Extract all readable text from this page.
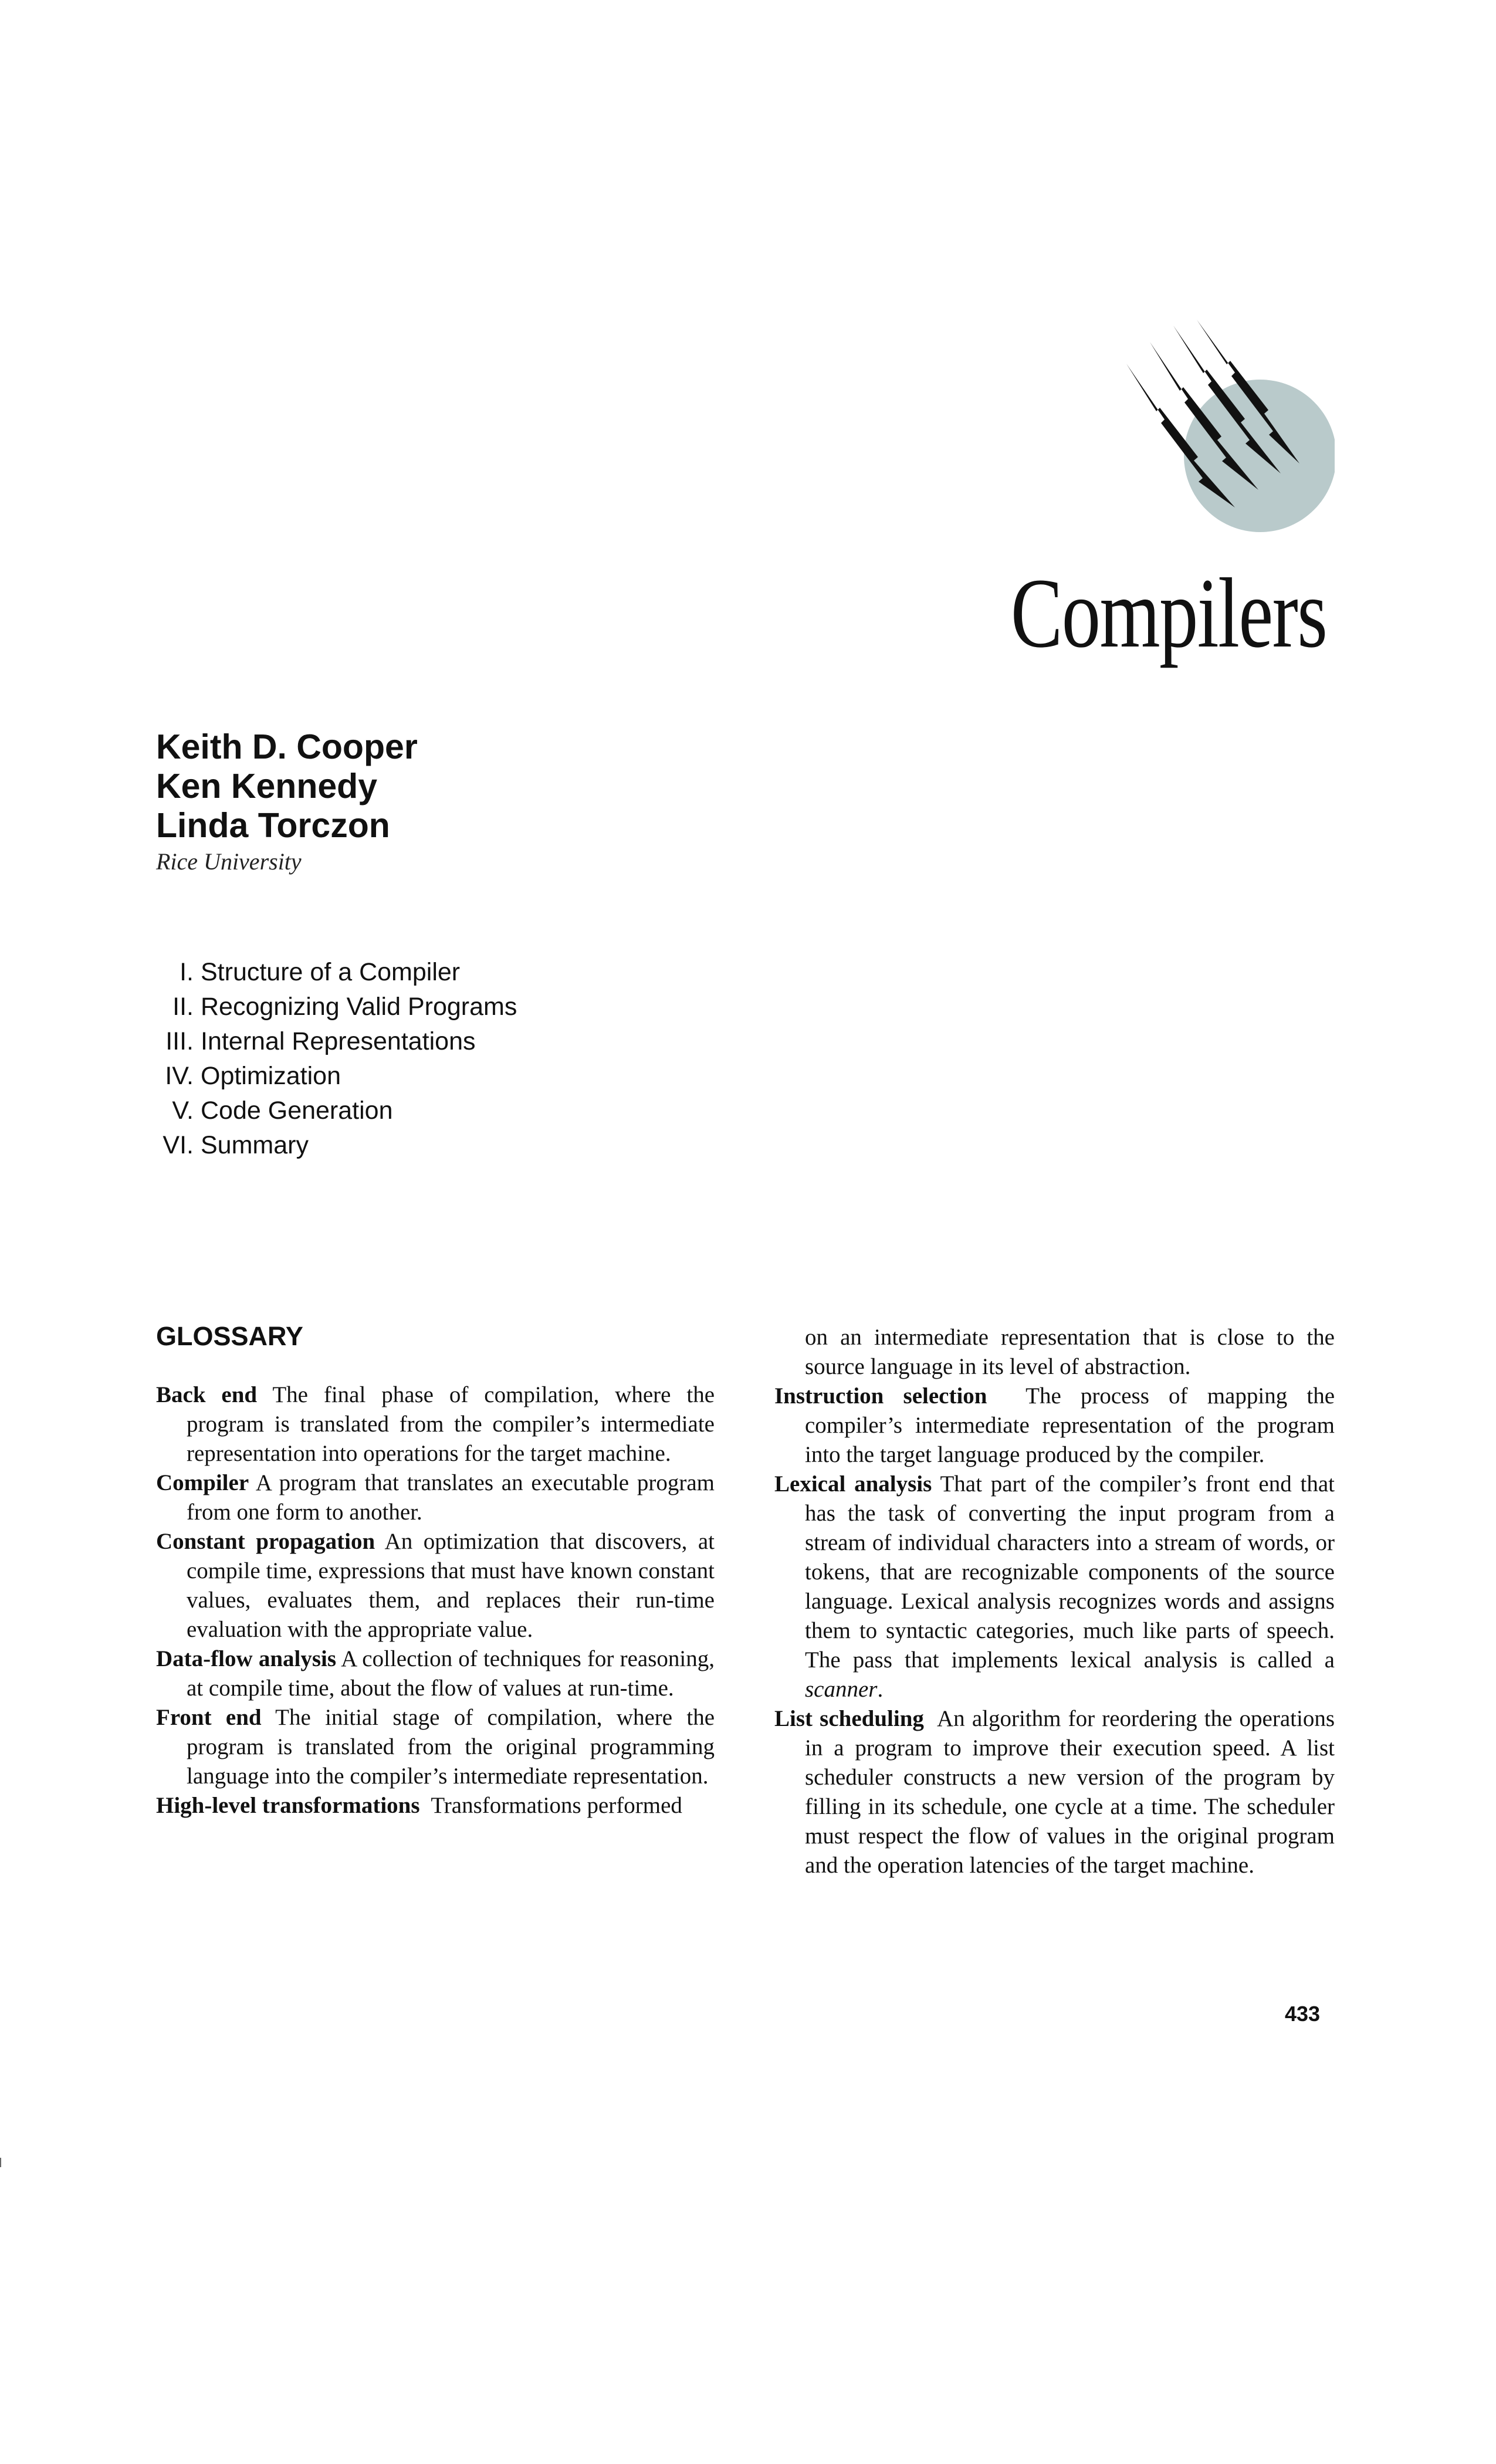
Compilers
Keith D. Cooper
Ken Kennedy
Linda Torczon
Rice University
I. Structure of a Compiler
II. Recognizing Valid Programs
III. Internal Representations
IV. Optimization
V. Code Generation
VI. Summary
GLOSSARY

Back end The final phase of compilation, where the program is translated from the compiler’s intermediate representation into operations for the target machine.

Compiler A program that translates an executable program from one form to another.

Constant propagation An optimization that discovers, at compile time, expressions that must have known constant values, evaluates them, and replaces their run-time evaluation with the appropriate value.

Data-flow analysis A collection of techniques for reasoning, at compile time, about the flow of values at run-time.

Front end The initial stage of compilation, where the program is translated from the original programming language into the compiler’s intermediate representation.

High-level transformations Transformations performed

on an intermediate representation that is close to the source language in its level of abstraction.

Instruction selection The process of mapping the compiler’s intermediate representation of the program into the target language produced by the compiler.

Lexical analysis That part of the compiler’s front end that has the task of converting the input program from a stream of individual characters into a stream of words, or tokens, that are recognizable components of the source language. Lexical analysis recognizes words and assigns them to syntactic categories, much like parts of speech. The pass that implements lexical analysis is called a scanner.

List scheduling An algorithm for reordering the operations in a program to improve their execution speed. A list scheduler constructs a new version of the program by filling in its schedule, one cycle at a time. The scheduler must respect the flow of values in the original program and the operation latencies of the target machine.

433
